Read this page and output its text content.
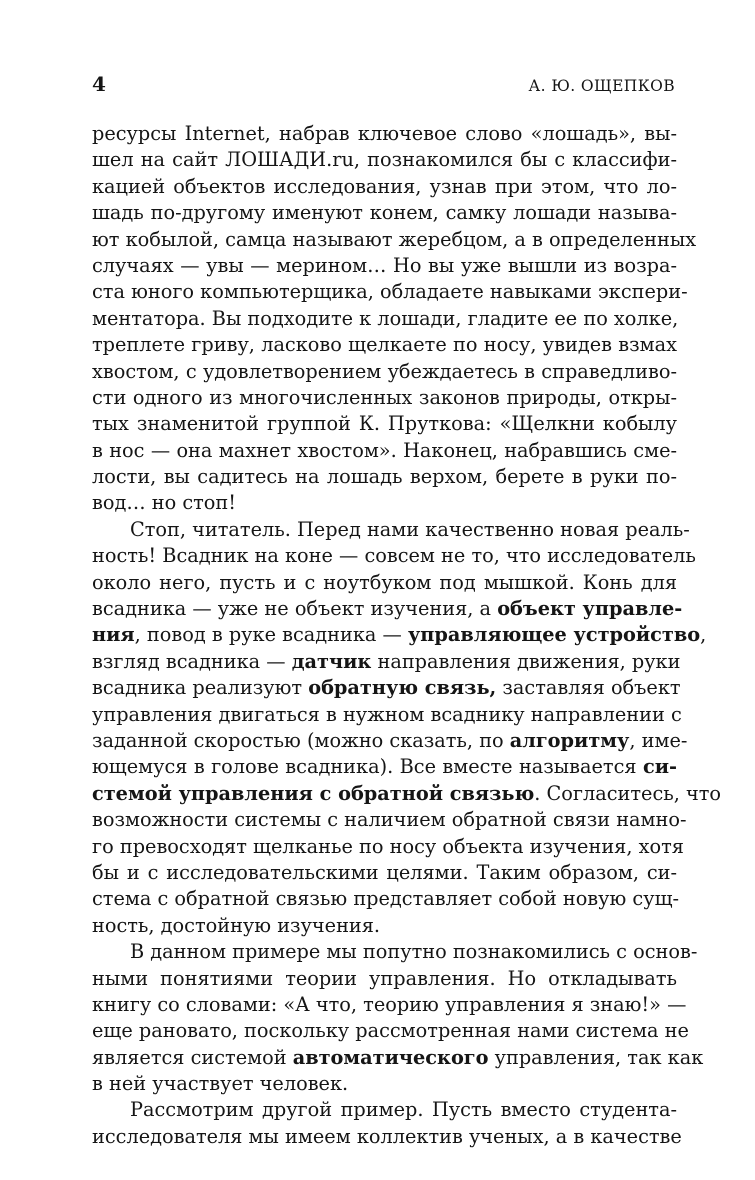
4	А. Ю. ОЩЕПКОВ
ресурсы Internet, набрав ключевое слово «лошадь», вы-
шел на сайт ЛОШАДИ.ru, познакомился бы с классифи-
кацией объектов исследования, узнав при этом, что ло-
шадь по-другому именуют конем, самку лошади называ-
ют кобылой, самца называют жеребцом, а в определенных
случаях — увы — мерином… Но вы уже вышли из возра-
ста юного компьютерщика, обладаете навыками экспери-
ментатора. Вы подходите к лошади, гладите ее по холке,
треплете гриву, ласково щелкаете по носу, увидев взмах
хвостом, с удовлетворением убеждаетесь в справедливо-
сти одного из многочисленных законов природы, откры-
тых знаменитой группой К. Пруткова: «Щелкни кобылу
в нос — она махнет хвостом». Наконец, набравшись сме-
лости, вы садитесь на лошадь верхом, берете в руки по-
вод… но стоп!
Стоп, читатель. Перед нами качественно новая реаль-
ность! Всадник на коне — совсем не то, что исследователь
около него, пусть и с ноутбуком под мышкой. Конь для
всадника — уже не объект изучения, а объект управле-
ния, повод в руке всадника — управляющее устройство,
взгляд всадника — датчик направления движения, руки
всадника реализуют обратную связь, заставляя объект
управления двигаться в нужном всаднику направлении с
заданной скоростью (можно сказать, по алгоритму, име-
ющемуся в голове всадника). Все вместе называется си-
стемой управления с обратной связью. Согласитесь, что
возможности системы с наличием обратной связи намно-
го превосходят щелканье по носу объекта изучения, хотя
бы и с исследовательскими целями. Таким образом, си-
стема с обратной связью представляет собой новую сущ-
ность, достойную изучения.
В данном примере мы попутно познакомились с основ-
ными понятиями теории управления. Но откладывать
книгу со словами: «А что, теорию управления я знаю!» —
еще рановато, поскольку рассмотренная нами система не
является системой автоматического управления, так как
в ней участвует человек.
Рассмотрим другой пример. Пусть вместо студента-
исследователя мы имеем коллектив ученых, а в качестве
